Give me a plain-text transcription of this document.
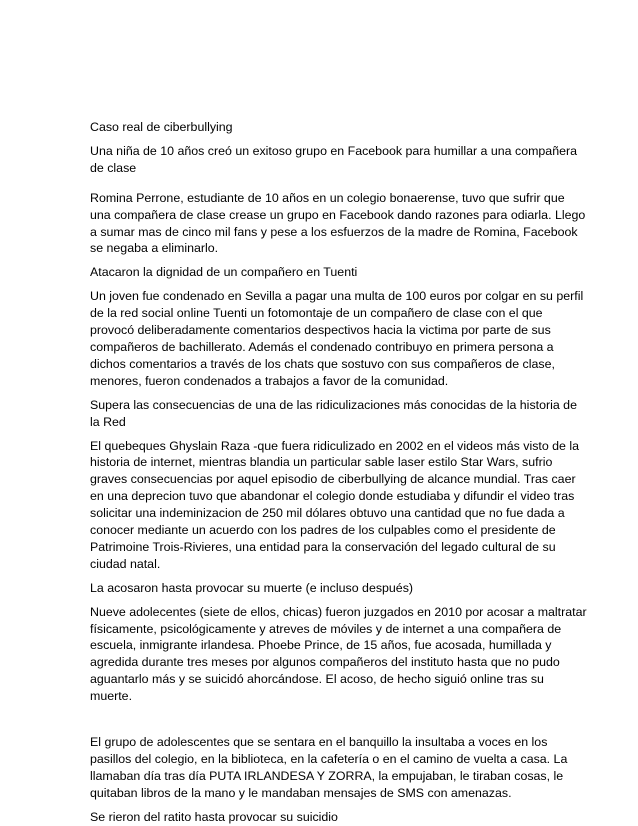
Caso real de ciberbullying

Una niña de 10 años creó un exitoso grupo en Facebook para humillar a una compañera
de clase

Romina Perrone, estudiante de 10 años en un colegio bonaerense, tuvo que sufrir que
una compañera de clase crease un grupo en Facebook dando razones para odiarla. Llego
a sumar mas de cinco mil fans y pese a los esfuerzos de la madre de Romina, Facebook
se negaba a eliminarlo.

Atacaron la dignidad de un compañero en Tuenti

Un joven fue condenado en Sevilla a pagar una multa de 100 euros por colgar en su perfil
de la red social online Tuenti un fotomontaje de un compañero de clase con el que
provocó deliberadamente comentarios despectivos hacia la victima por parte de sus
compañeros de bachillerato. Además el condenado contribuyo en primera persona a
dichos comentarios a través de los chats que sostuvo con sus compañeros de clase,
menores, fueron condenados a trabajos a favor de la comunidad.

Supera las consecuencias de una de las ridiculizaciones más conocidas de la historia de
la Red

El quebeques Ghyslain Raza -que fuera ridiculizado en 2002 en el videos más visto de la
historia de internet, mientras blandia un particular sable laser estilo Star Wars, sufrio
graves consecuencias por aquel episodio de ciberbullying de alcance mundial. Tras caer
en una deprecion tuvo que abandonar el colegio donde estudiaba y difundir el video tras
solicitar una indeminizacion de 250 mil dólares obtuvo una cantidad que no fue dada a
conocer mediante un acuerdo con los padres de los culpables como el presidente de
Patrimoine Trois-Rivieres, una entidad para la conservación del legado cultural de su
ciudad natal.

La acosaron hasta provocar su muerte (e incluso después)

Nueve adolecentes (siete de ellos, chicas) fueron juzgados en 2010 por acosar a maltratar
físicamente, psicológicamente y atreves de móviles y de internet a una compañera de
escuela, inmigrante irlandesa. Phoebe Prince, de 15 años, fue acosada, humillada y
agredida durante tres meses por algunos compañeros del instituto hasta que no pudo
aguantarlo más y se suicidó ahorcándose. El acoso, de hecho siguió online tras su
muerte.

El grupo de adolescentes que se sentara en el banquillo la insultaba a voces en los
pasillos del colegio, en la biblioteca, en la cafetería o en el camino de vuelta a casa. La
llamaban día tras día PUTA IRLANDESA Y ZORRA, la empujaban, le tiraban cosas, le
quitaban libros de la mano y le mandaban mensajes de SMS con amenazas.

Se rieron del ratito hasta provocar su suicidio
